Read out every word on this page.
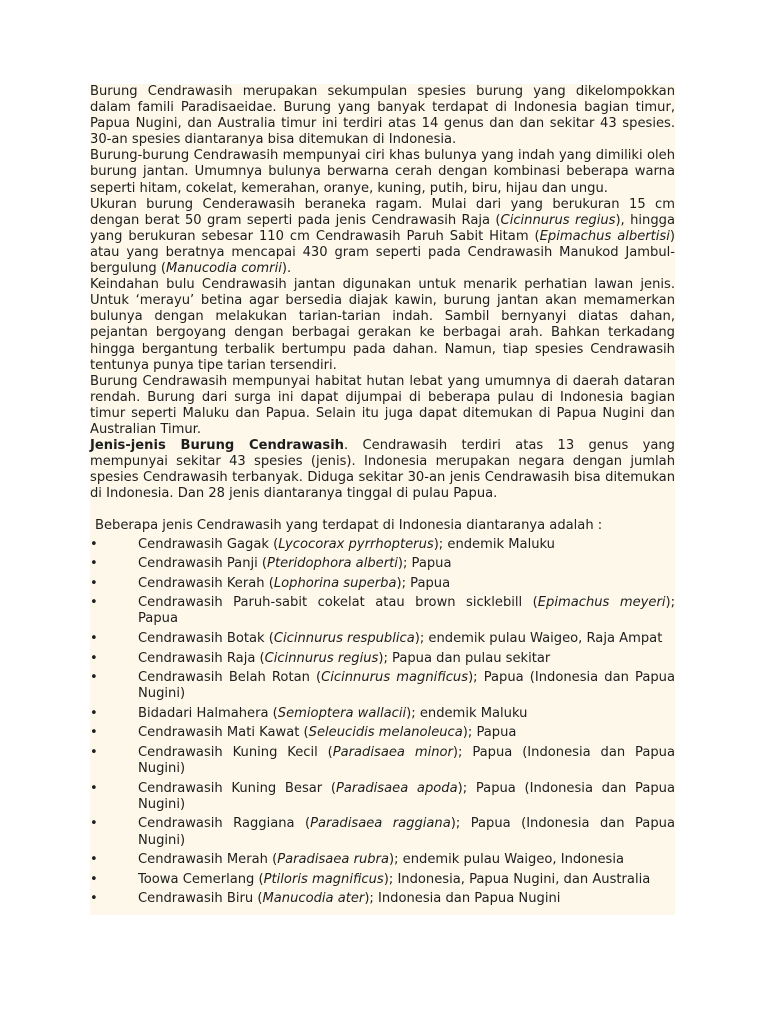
Burung Cendrawasih merupakan sekumpulan spesies burung yang dikelompokkan dalam famili Paradisaeidae. Burung yang banyak terdapat di Indonesia bagian timur, Papua Nugini, dan Australia timur ini terdiri atas 14 genus dan dan sekitar 43 spesies. 30-an spesies diantaranya bisa ditemukan di Indonesia.

Burung-burung Cendrawasih mempunyai ciri khas bulunya yang indah yang dimiliki oleh burung jantan. Umumnya bulunya berwarna cerah dengan kombinasi beberapa warna seperti hitam, cokelat, kemerahan, oranye, kuning, putih, biru, hijau dan ungu.

Ukuran burung Cenderawasih beraneka ragam. Mulai dari yang berukuran 15 cm dengan berat 50 gram seperti pada jenis Cendrawasih Raja (Cicinnurus regius), hingga yang berukuran sebesar 110 cm Cendrawasih Paruh Sabit Hitam (Epimachus albertisi) atau yang beratnya mencapai 430 gram seperti pada Cendrawasih Manukod Jambul-bergulung (Manucodia comrii).

Keindahan bulu Cendrawasih jantan digunakan untuk menarik perhatian lawan jenis. Untuk ‘merayu’ betina agar bersedia diajak kawin, burung jantan akan memamerkan bulunya dengan melakukan tarian-tarian indah. Sambil bernyanyi diatas dahan, pejantan bergoyang dengan berbagai gerakan ke berbagai arah. Bahkan terkadang hingga bergantung terbalik bertumpu pada dahan. Namun, tiap spesies Cendrawasih tentunya punya tipe tarian tersendiri.

Burung Cendrawasih mempunyai habitat hutan lebat yang umumnya di daerah dataran rendah. Burung dari surga ini dapat dijumpai di beberapa pulau di Indonesia bagian timur seperti Maluku dan Papua. Selain itu juga dapat ditemukan di Papua Nugini dan Australian Timur.

Jenis-jenis Burung Cendrawasih. Cendrawasih terdiri atas 13 genus yang mempunyai sekitar 43 spesies (jenis). Indonesia merupakan negara dengan jumlah spesies Cendrawasih terbanyak. Diduga sekitar 30-an jenis Cendrawasih bisa ditemukan di Indonesia. Dan 28 jenis diantaranya tinggal di pulau Papua.

Beberapa jenis Cendrawasih yang terdapat di Indonesia diantaranya adalah :

•	Cendrawasih Gagak (Lycocorax pyrrhopterus); endemik Maluku
•	Cendrawasih Panji (Pteridophora alberti); Papua
•	Cendrawasih Kerah (Lophorina superba); Papua
•	Cendrawasih Paruh-sabit cokelat atau brown sicklebill (Epimachus meyeri); Papua
•	Cendrawasih Botak (Cicinnurus respublica); endemik pulau Waigeo, Raja Ampat
•	Cendrawasih Raja (Cicinnurus regius); Papua dan pulau sekitar
•	Cendrawasih Belah Rotan (Cicinnurus magnificus); Papua (Indonesia dan Papua Nugini)
•	Bidadari Halmahera (Semioptera wallacii); endemik Maluku
•	Cendrawasih Mati Kawat (Seleucidis melanoleuca); Papua
•	Cendrawasih Kuning Kecil (Paradisaea minor); Papua (Indonesia dan Papua Nugini)
•	Cendrawasih Kuning Besar (Paradisaea apoda); Papua (Indonesia dan Papua Nugini)
•	Cendrawasih Raggiana (Paradisaea raggiana); Papua (Indonesia dan Papua Nugini)
•	Cendrawasih Merah (Paradisaea rubra); endemik pulau Waigeo, Indonesia
•	Toowa Cemerlang (Ptiloris magnificus); Indonesia, Papua Nugini, dan Australia
•	Cendrawasih Biru (Manucodia ater); Indonesia dan Papua Nugini
